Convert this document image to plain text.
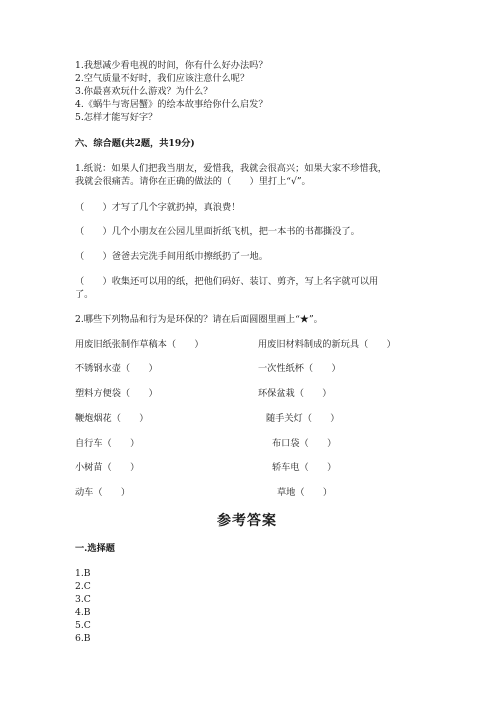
1.我想减少看电视的时间，你有什么好办法吗？
2.空气质量不好时，我们应该注意什么呢？
3.你最喜欢玩什么游戏？为什么？
4.《蜗牛与寄居蟹》的绘本故事给你什么启发？
5.怎样才能写好字？
六、综合题(共2题，共19分)
1.纸说：如果人们把我当朋友，爱惜我，我就会很高兴；如果大家不珍惜我，
我就会很痛苦。请你在正确的做法的（　　）里打上“√”。
（　　）才写了几个字就扔掉，真浪费！
（　　）几个小朋友在公园儿里面折纸飞机，把一本书的书都撕没了。
（　　）爸爸去完洗手间用纸巾擦纸扔了一地。
（　　）收集还可以用的纸，把他们码好、装订、剪齐，写上名字就可以用
了。
2.哪些下列物品和行为是环保的？请在后面圆圈里画上“★”。
用废旧纸张制作草稿本（　　）	用废旧材料制成的新玩具（　　）
不锈钢水壶（　　）
塑料方便袋（　　）
鞭炮烟花（　　）
自行车（　　）
小树苗（　　）
动车（　　）
一次性纸杯（　　）
环保盆栽（　　）
随手关灯（　　）
布口袋（　　）
轿车电（　　）
草地（　　）
参考答案
一.选择题
1.B
2.C
3.C
4.B
5.C
6.B
